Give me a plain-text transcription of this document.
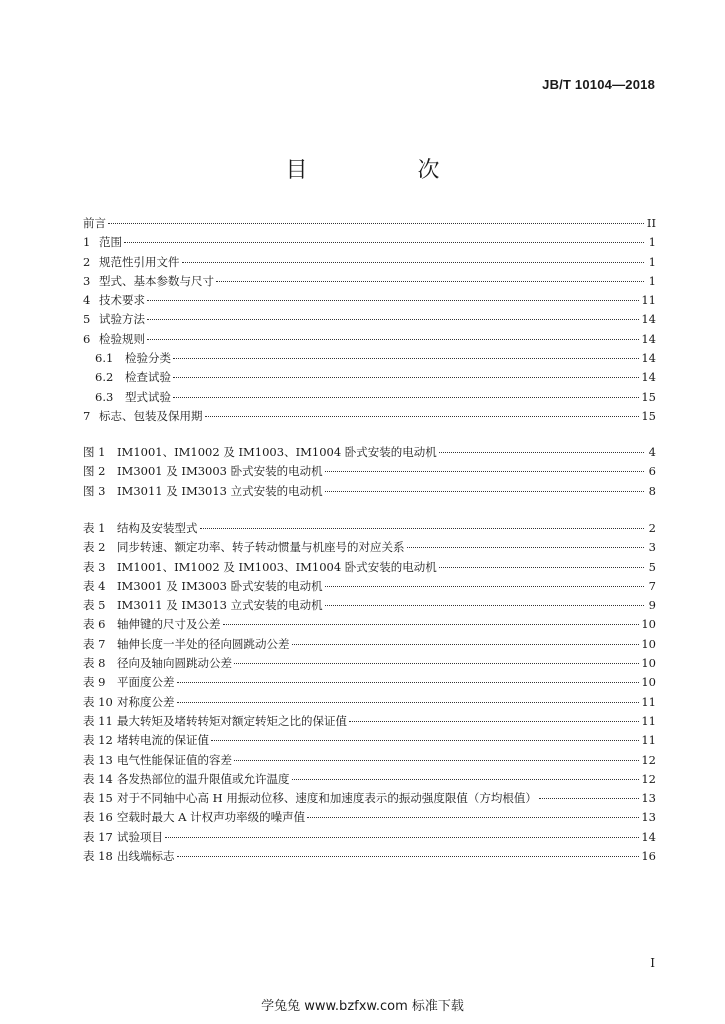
JB/T 10104—2018
目　次
前言	II
1 范围	1
2 规范性引用文件	1
3 型式、基本参数与尺寸	1
4 技术要求	11
5 试验方法	14
6 检验规则	14
6.1	检验分类	14
6.2	检查试验	14
6.3	型式试验	15
7 标志、包装及保用期	15
图 1	IM1001、IM1002 及 IM1003、IM1004 卧式安装的电动机	4
图 2	IM3001 及 IM3003 卧式安装的电动机	6
图 3	IM3011 及 IM3013 立式安装的电动机	8
表 1	结构及安装型式	2
表 2	同步转速、额定功率、转子转动惯量与机座号的对应关系	3
表 3	IM1001、IM1002 及 IM1003、IM1004 卧式安装的电动机	5
表 4	IM3001 及 IM3003 卧式安装的电动机	7
表 5	IM3011 及 IM3013 立式安装的电动机	9
表 6	轴伸键的尺寸及公差	10
表 7	轴伸长度一半处的径向圆跳动公差	10
表 8	径向及轴向圆跳动公差	10
表 9	平面度公差	10
表 10 对称度公差	11
表 11 最大转矩及堵转转矩对额定转矩之比的保证值	11
表 12 堵转电流的保证值	11
表 13 电气性能保证值的容差	12
表 14 各发热部位的温升限值或允许温度	12
表 15 对于不同轴中心高 H 用振动位移、速度和加速度表示的振动强度限值（方均根值）	13
表 16 空载时最大 A 计权声功率级的噪声值	13
表 17 试验项目	14
表 18 出线端标志	16
I
学兔兔 www.bzfxw.com 标准下载
